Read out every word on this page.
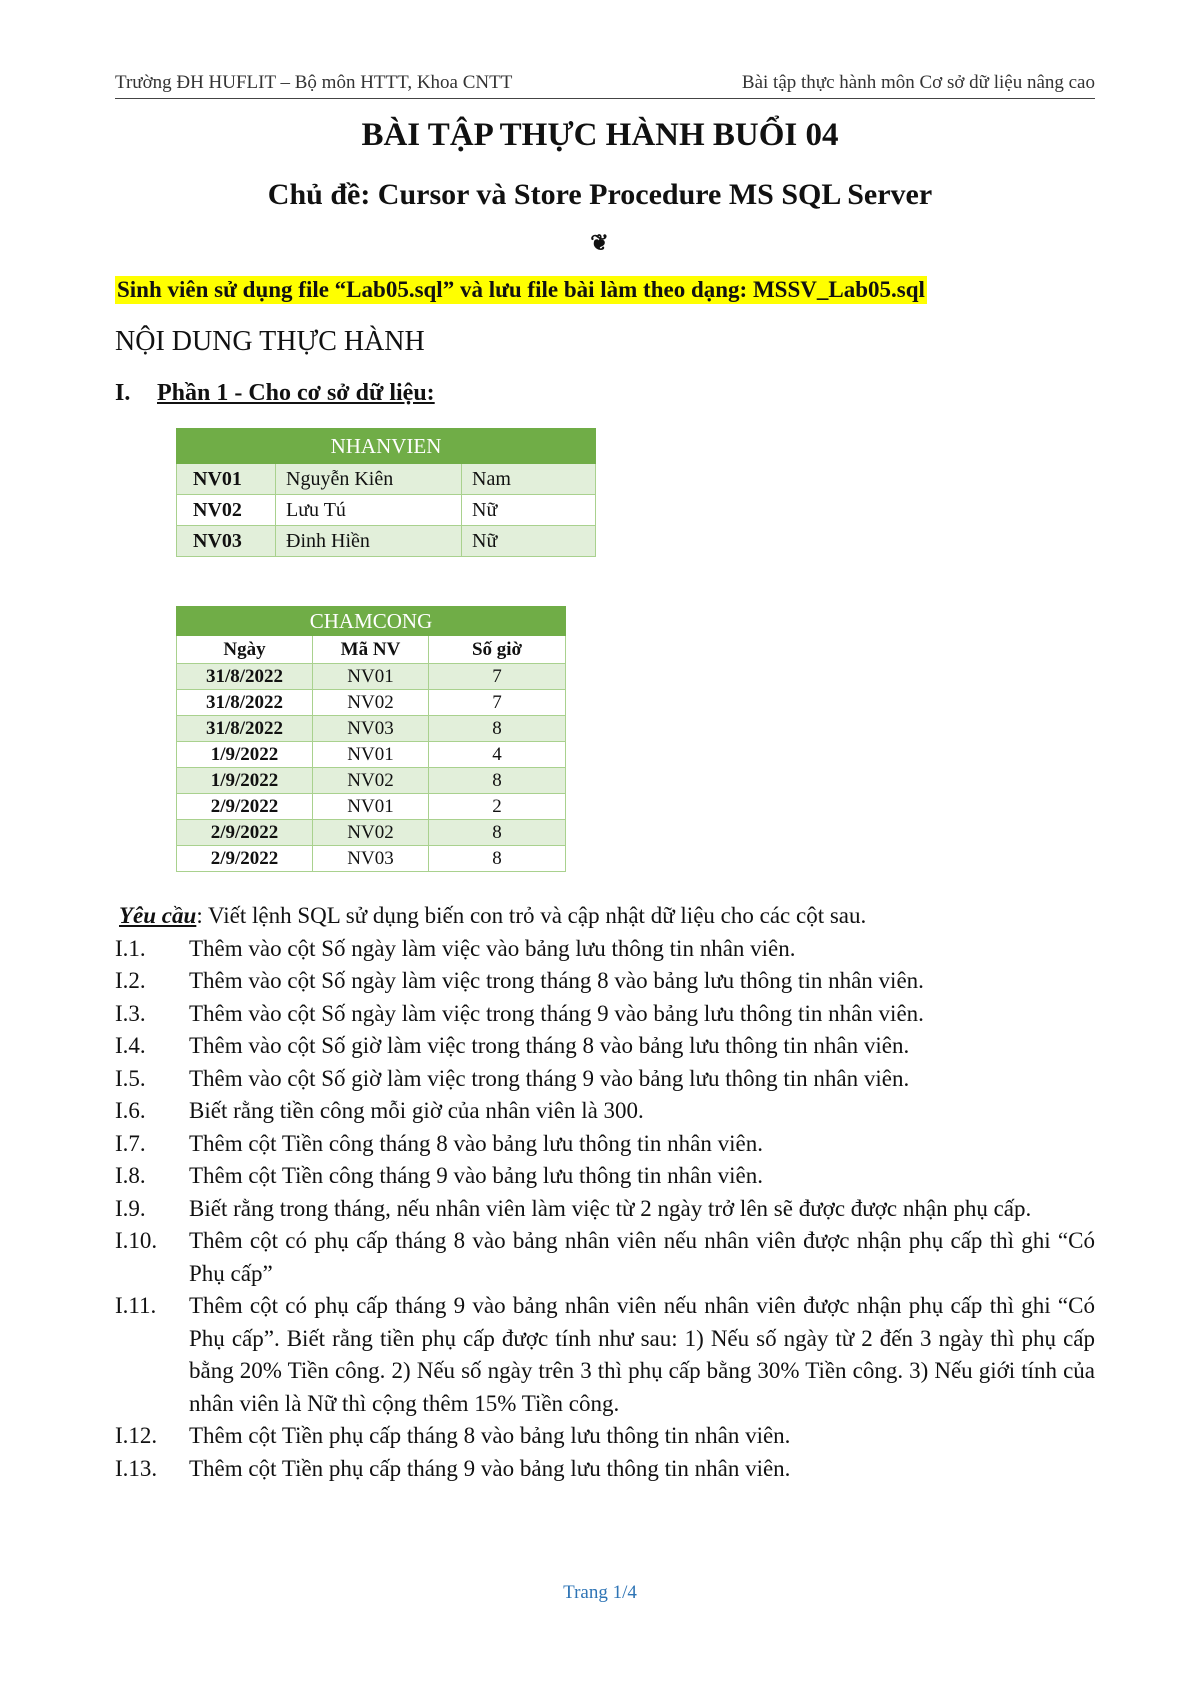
Trường ĐH HUFLIT – Bộ môn HTTT, Khoa CNTT	Bài tập thực hành môn Cơ sở dữ liệu nâng cao
BÀI TẬP THỰC HÀNH BUỔI 04
Chủ đề: Cursor và Store Procedure MS SQL Server
❦
Sinh viên sử dụng file “Lab05.sql” và lưu file bài làm theo dạng: MSSV_Lab05.sql
NỘI DUNG THỰC HÀNH
I. Phần 1 - Cho cơ sở dữ liệu:
NHANVIEN		
NV01	Nguyễn Kiên	Nam
NV02	Lưu Tú	Nữ
NV03	Đinh Hiền	Nữ
CHAMCONG		
Ngày	Mã NV	Số giờ
31/8/2022	NV01	7
31/8/2022	NV02	7
31/8/2022	NV03	8
1/9/2022	NV01	4
1/9/2022	NV02	8
2/9/2022	NV01	2
2/9/2022	NV02	8
2/9/2022	NV03	8
Yêu cầu: Viết lệnh SQL sử dụng biến con trỏ và cập nhật dữ liệu cho các cột sau.
I.1.	Thêm vào cột Số ngày làm việc vào bảng lưu thông tin nhân viên.
I.2.	Thêm vào cột Số ngày làm việc trong tháng 8 vào bảng lưu thông tin nhân viên.
I.3.	Thêm vào cột Số ngày làm việc trong tháng 9 vào bảng lưu thông tin nhân viên.
I.4.	Thêm vào cột Số giờ làm việc trong tháng 8 vào bảng lưu thông tin nhân viên.
I.5.	Thêm vào cột Số giờ làm việc trong tháng 9 vào bảng lưu thông tin nhân viên.
I.6.	Biết rằng tiền công mỗi giờ của nhân viên là 300.
I.7.	Thêm cột Tiền công tháng 8 vào bảng lưu thông tin nhân viên.
I.8.	Thêm cột Tiền công tháng 9 vào bảng lưu thông tin nhân viên.
I.9.	Biết rằng trong tháng, nếu nhân viên làm việc từ 2 ngày trở lên sẽ được được nhận phụ cấp.
I.10.	Thêm cột có phụ cấp tháng 8 vào bảng nhân viên nếu nhân viên được nhận phụ cấp thì ghi “Có Phụ cấp”
I.11.	Thêm cột có phụ cấp tháng 9 vào bảng nhân viên nếu nhân viên được nhận phụ cấp thì ghi “Có Phụ cấp”. Biết rằng tiền phụ cấp được tính như sau: 1) Nếu số ngày từ 2 đến 3 ngày thì phụ cấp bằng 20% Tiền công. 2) Nếu số ngày trên 3 thì phụ cấp bằng 30% Tiền công. 3) Nếu giới tính của nhân viên là Nữ thì cộng thêm 15% Tiền công.
I.12.	Thêm cột Tiền phụ cấp tháng 8 vào bảng lưu thông tin nhân viên.
I.13.	Thêm cột Tiền phụ cấp tháng 9 vào bảng lưu thông tin nhân viên.
Trang 1/4
